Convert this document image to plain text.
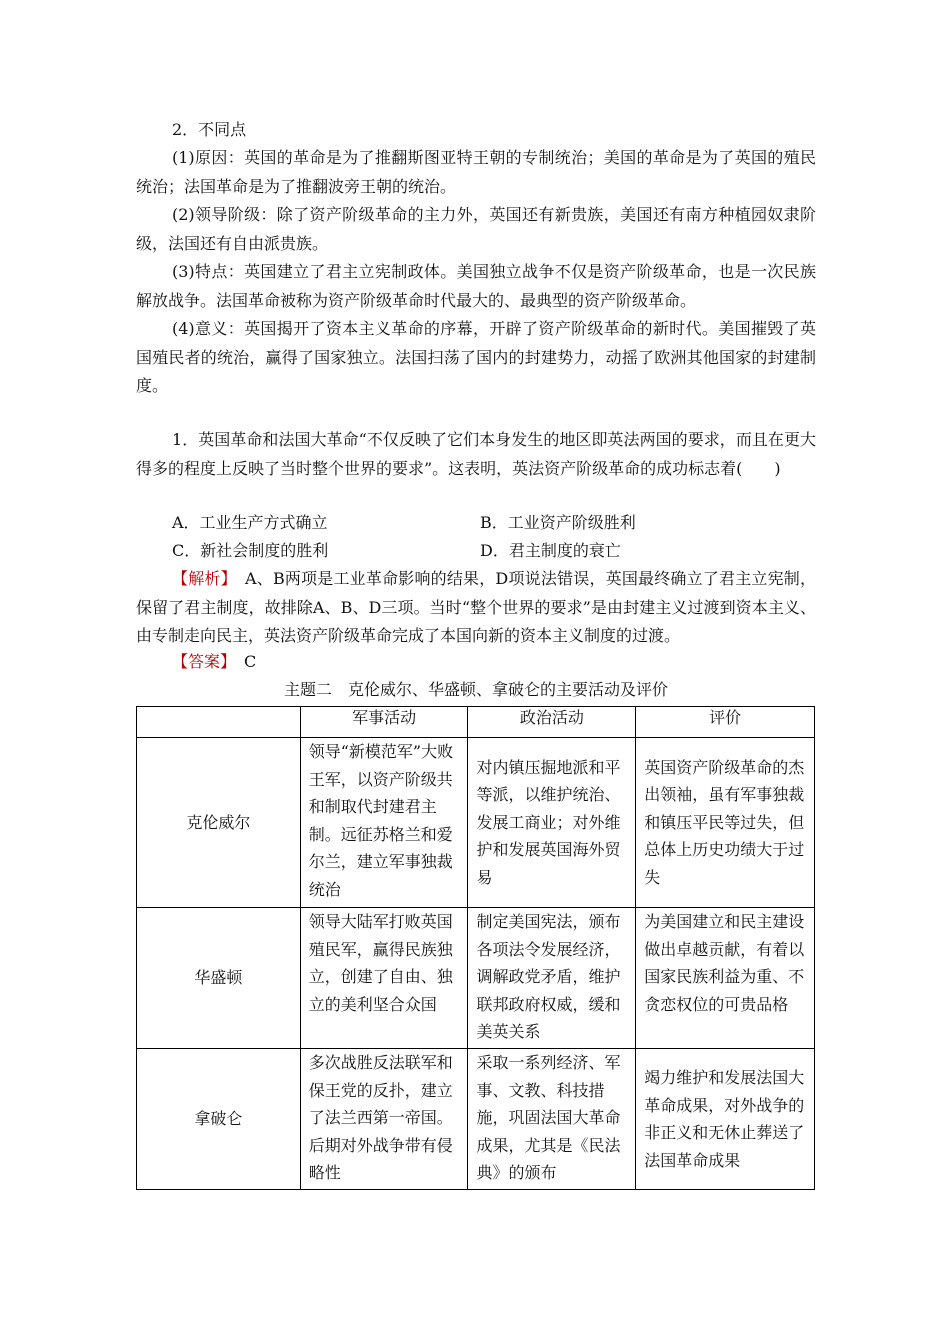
2．不同点

(1)原因：英国的革命是为了推翻斯图亚特王朝的专制统治；美国的革命是为了英国的殖民统治；法国革命是为了推翻波旁王朝的统治。

(2)领导阶级：除了资产阶级革命的主力外，英国还有新贵族，美国还有南方种植园奴隶阶级，法国还有自由派贵族。

(3)特点：英国建立了君主立宪制政体。美国独立战争不仅是资产阶级革命，也是一次民族解放战争。法国革命被称为资产阶级革命时代最大的、最典型的资产阶级革命。

(4)意义：英国揭开了资本主义革命的序幕，开辟了资产阶级革命的新时代。美国摧毁了英国殖民者的统治，赢得了国家独立。法国扫荡了国内的封建势力，动摇了欧洲其他国家的封建制度。

1．英国革命和法国大革命“不仅反映了它们本身发生的地区即英法两国的要求，而且在更大得多的程度上反映了当时整个世界的要求”。这表明，英法资产阶级革命的成功标志着(　　)

A．工业生产方式确立	B．工业资产阶级胜利
C．新社会制度的胜利	D．君主制度的衰亡

【解析】　A、B两项是工业革命影响的结果，D项说法错误，英国最终确立了君主立宪制，保留了君主制度，故排除A、B、D三项。当时“整个世界的要求”是由封建主义过渡到资本主义、由专制走向民主，英法资产阶级革命完成了本国向新的资本主义制度的过渡。

【答案】　C

主题二　克伦威尔、华盛顿、拿破仑的主要活动及评价
	军事活动	政治活动	评价
克伦威尔	领导“新模范军”大败王军，以资产阶级共和制取代封建君主制。远征苏格兰和爱尔兰，建立军事独裁统治	对内镇压掘地派和平等派，以维护统治、发展工商业；对外维护和发展英国海外贸易	英国资产阶级革命的杰出领袖，虽有军事独裁和镇压平民等过失，但总体上历史功绩大于过失
华盛顿	领导大陆军打败英国殖民军，赢得民族独立，创建了自由、独立的美利坚合众国	制定美国宪法，颁布各项法令发展经济，调解政党矛盾，维护联邦政府权威，缓和美英关系	为美国建立和民主建设做出卓越贡献，有着以国家民族利益为重、不贪恋权位的可贵品格
拿破仑	多次战胜反法联军和保王党的反扑，建立了法兰西第一帝国。后期对外战争带有侵略性	采取一系列经济、军事、文教、科技措施，巩固法国大革命成果，尤其是《民法典》的颁布	竭力维护和发展法国大革命成果，对外战争的非正义和无休止葬送了法国革命成果
